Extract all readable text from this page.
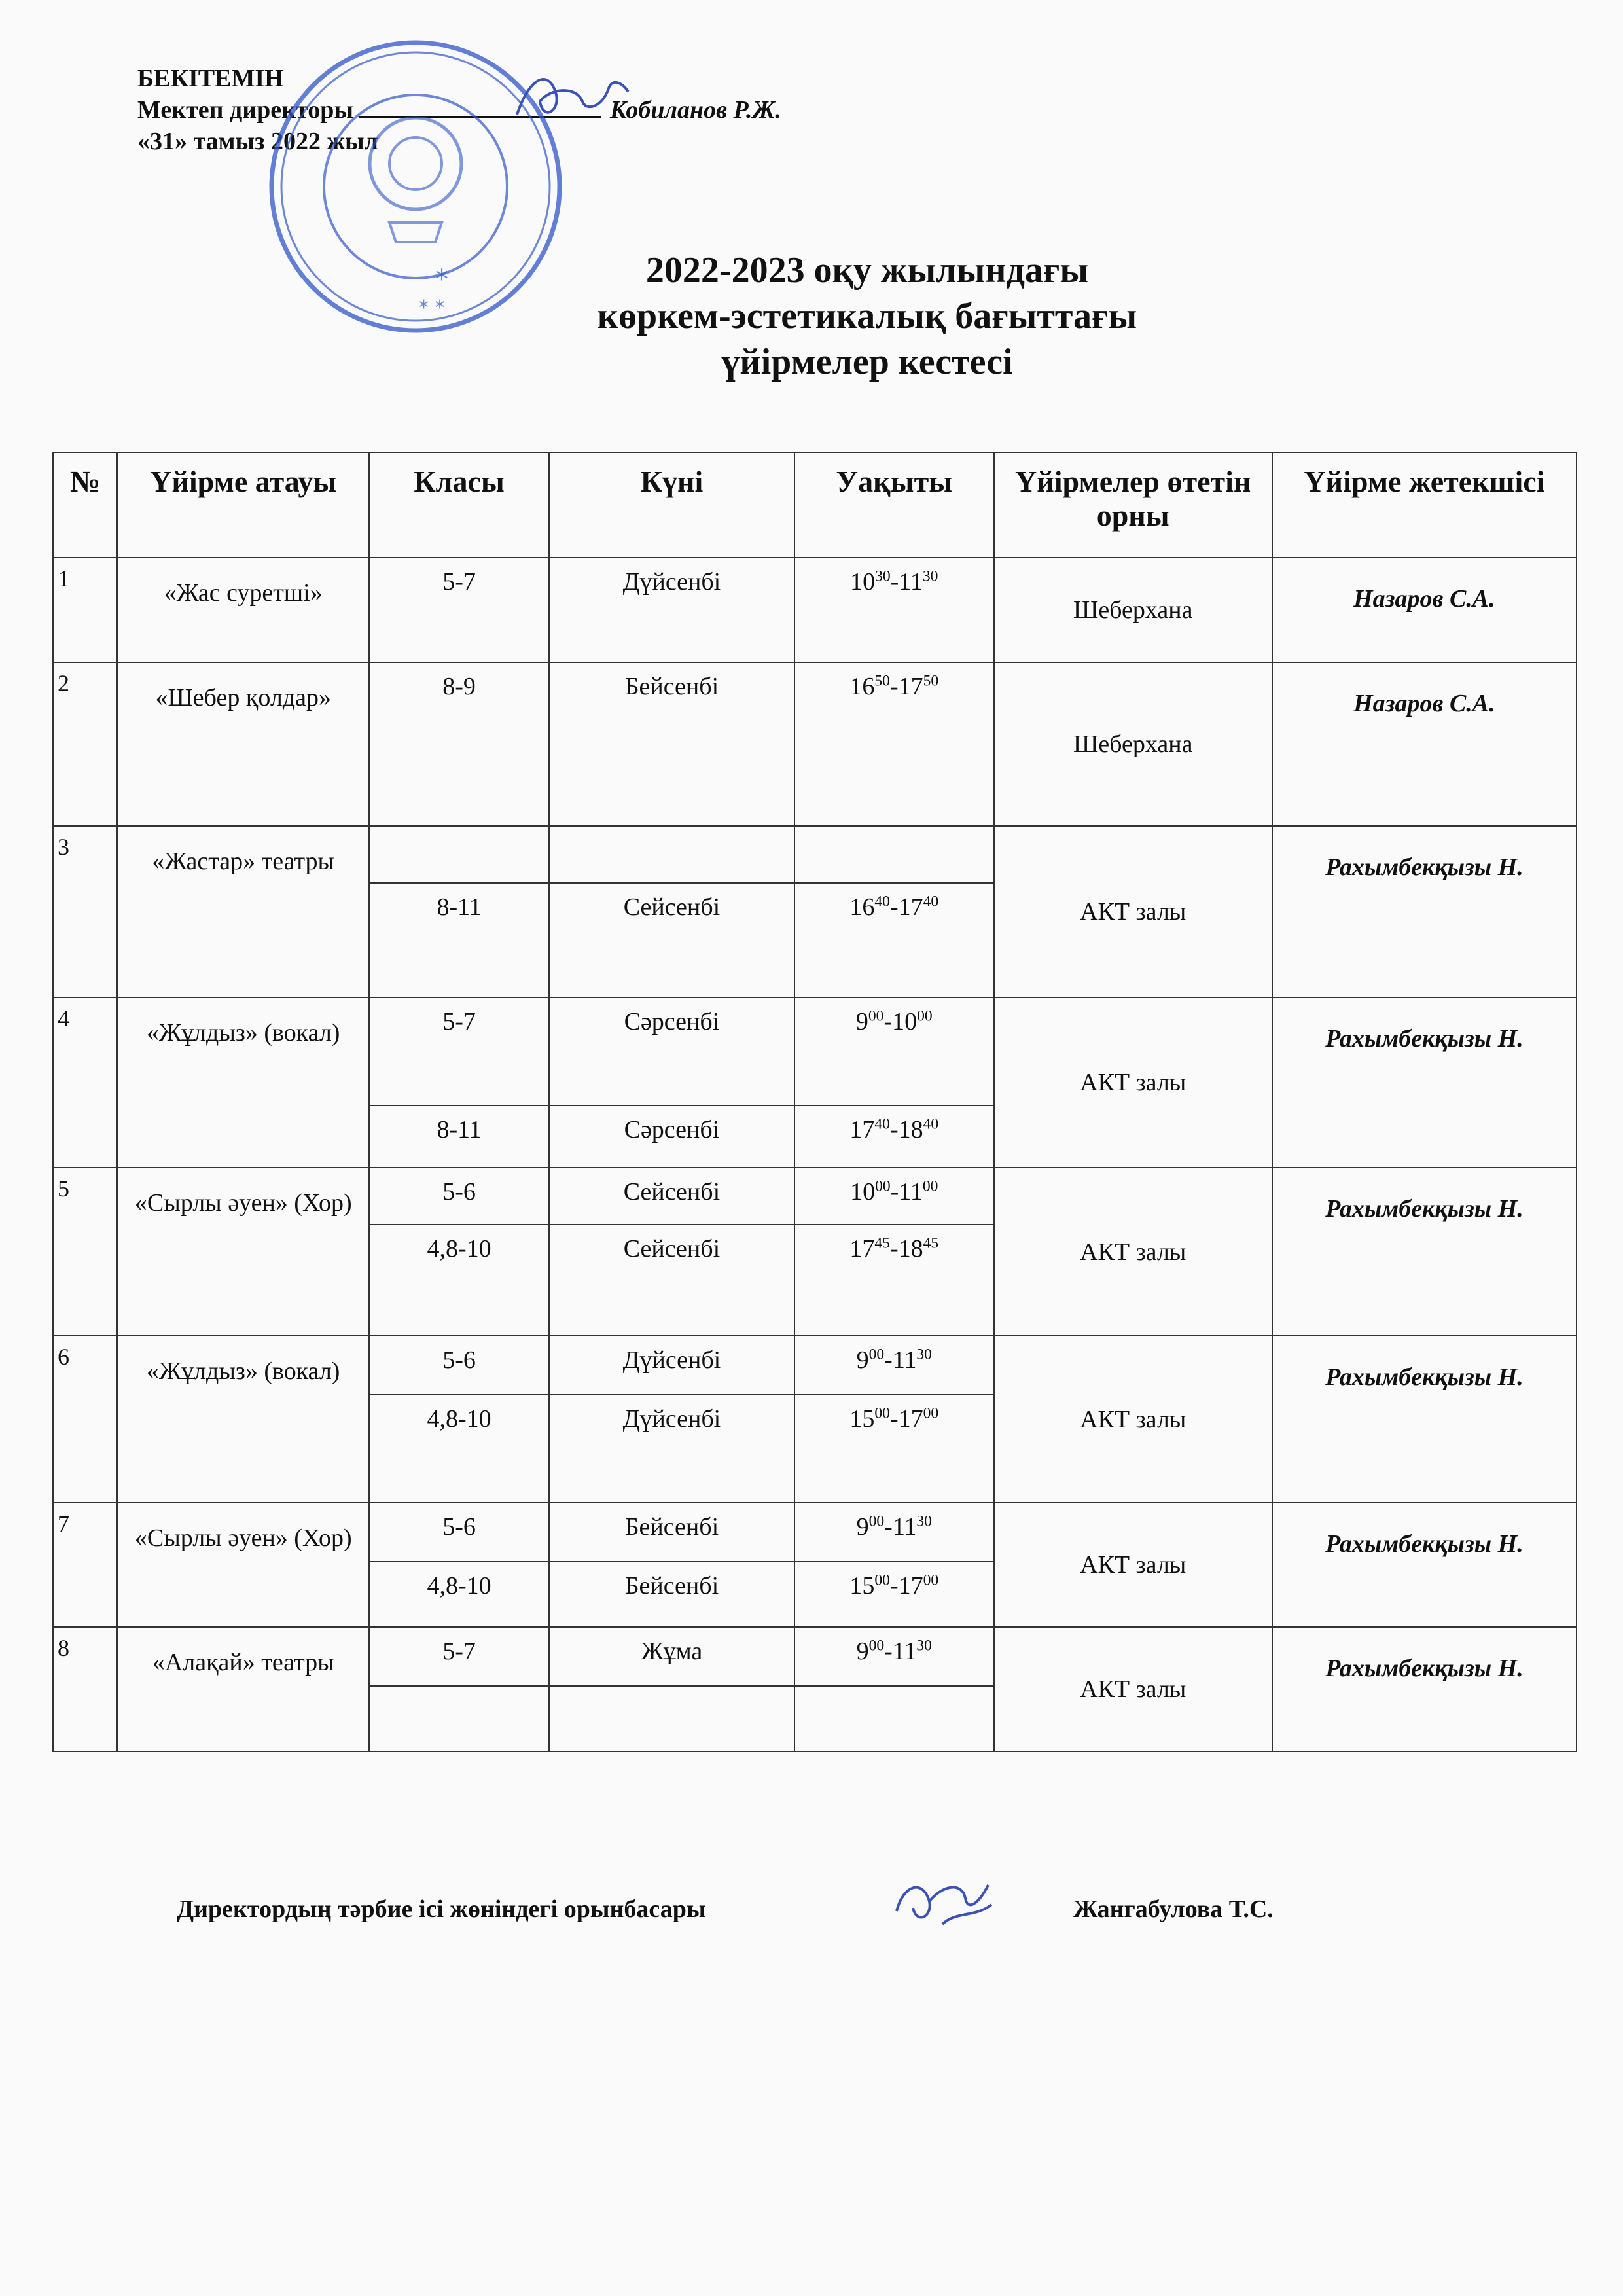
БЕКІТЕМІН
Мектеп директоры	Кобиланов Р.Ж.
«31» тамыз 2022 жыл
*
* *
2022-2023 оқу жылындағы
көркем-эстетикалық бағыттағы
үйірмелер кестесі
№	Үйірме атауы	Класы	Күні	Уақыты	Үйірмелер өтетін орны	Үйірме жетекшісі
1	«Жас суретші»	5-7	Дүйсенбі	$10^{30}-11^{30}$	Шеберхана	Назаров С.А.
2	«Шебер қолдар»	8-9	Бейсенбі	$16^{50}-17^{50}$	Шеберхана	Назаров С.А.
3	«Жастар» театры				АКТ залы	Рахымбекқызы Н.
		8-11	Сейсенбі	$16^{40}-17^{40}$
4	«Жұлдыз» (вокал)	5-7	Сәрсенбі	$9^{00}-10^{00}$	АКТ залы	Рахымбекқызы Н.
		8-11	Сәрсенбі	$17^{40}-18^{40}$
5	«Сырлы әуен» (Хор)	5-6	Сейсенбі	$10^{00}-11^{00}$	АКТ залы	Рахымбекқызы Н.
		4,8-10	Сейсенбі	$17^{45}-18^{45}$
6	«Жұлдыз» (вокал)	5-6	Дүйсенбі	$9^{00}-11^{30}$	АКТ залы	Рахымбекқызы Н.
		4,8-10	Дүйсенбі	$15^{00}-17^{00}$
7	«Сырлы әуен» (Хор)	5-6	Бейсенбі	$9^{00}-11^{30}$	АКТ залы	Рахымбекқызы Н.
		4,8-10	Бейсенбі	$15^{00}-17^{00}$
8	«Алақай» театры	5-7	Жұма	$9^{00}-11^{30}$	АКТ залы	Рахымбекқызы Н.

Директордың тәрбие ісі жөніндегі орынбасары	Жангабулова Т.С.
